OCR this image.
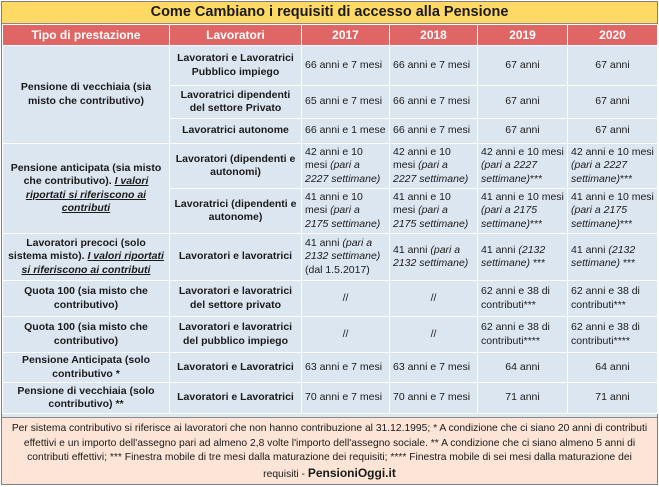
Come Cambiano i requisiti di accesso alla Pensione
Tipo di prestazione	Lavoratori	2017	2018	2019	2020
Pensione di vecchiaia (sia misto che contributivo)	Lavoratori e Lavoratrici Pubblico impiego	66 anni e 7 mesi	66 anni e 7 mesi	67 anni	67 anni
	Lavoratrici dipendenti del settore Privato	65 anni e 7 mesi	66 anni e 7 mesi	67 anni	67 anni
	Lavoratrici autonome	66 anni e 1 mese	66 anni e 7 mesi	67 anni	67 anni
Pensione anticipata (sia misto che contributivo). I valori riportati si riferiscono ai contributi	Lavoratori (dipendenti e autonomi)	42 anni e 10 mesi (pari a 2227 settimane)	42 anni e 10 mesi (pari a 2227 settimane)	42 anni e 10 mesi (pari a 2227 settimane)***	42 anni e 10 mesi (pari a 2227 settimane)***
	Lavoratrici (dipendenti e autonome)	41 anni e 10 mesi (pari a 2175 settimane)	41 anni e 10 mesi (pari a 2175 settimane)	41 anni e 10 mesi (pari a 2175 settimane)***	41 anni e 10 mesi (pari a 2175 settimane)***
Lavoratori precoci (solo sistema misto). I valori riportati si riferiscono ai contributi	Lavoratori e lavoratrici	41 anni (pari a 2132 settimane) (dal 1.5.2017)	41 anni (pari a 2132 settimane)	41 anni (2132 settimane) ***	41 anni (2132 settimane) ***
Quota 100 (sia misto che contributivo)	Lavoratori e lavoratrici del settore privato	//	//	62 anni e 38 di contributi***	62 anni e 38 di contributi***
Quota 100 (sia misto che contributivo)	Lavoratori e lavoratrici del pubblico impiego	//	//	62 anni e 38 di contributi****	62 anni e 38 di contributi****
Pensione Anticipata (solo contributivo *	Lavoratori e Lavoratrici	63 anni e 7 mesi	63 anni e 7 mesi	64 anni	64 anni
Pensione di vecchiaia (solo contributivo) **	Lavoratori e Lavoratrici	70 anni e 7 mesi	70 anni e 7 mesi	71 anni	71 anni
Per sistema contributivo si riferisce ai lavoratori che non hanno contribuzione al 31.12.1995; * A condizione che ci siano 20 anni di contributi effettivi e un importo dell'assegno pari ad almeno 2,8 volte l'importo dell'assegno sociale. ** A condizione che ci siano almeno 5 anni di contributi effettivi; *** Finestra mobile di tre mesi dalla maturazione dei requisiti; **** Finestra mobile di sei mesi dalla maturazione dei requisiti - PensioniOggi.it
